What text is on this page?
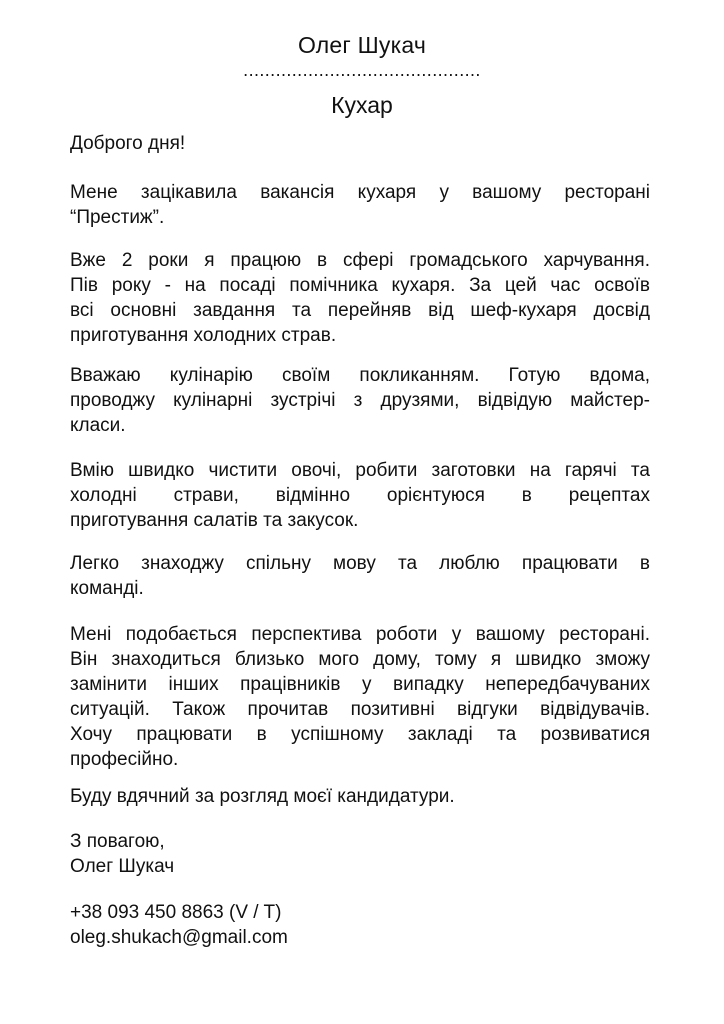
Олег Шукач
............................................
Кухар
Доброго дня!
Мене зацікавила вакансія кухаря у вашому ресторані
“Престиж”.
Вже 2 роки я працюю в сфері громадського харчування.
Пів року - на посаді помічника кухаря. За цей час освоїв
всі основні завдання та перейняв від шеф-кухаря досвід
приготування холодних страв.
Вважаю кулінарію своїм покликанням. Готую вдома,
проводжу кулінарні зустрічі з друзями, відвідую майстер-
класи.
Вмію швидко чистити овочі, робити заготовки на гарячі та
холодні страви, відмінно орієнтуюся в рецептах
приготування салатів та закусок.
Легко знаходжу спільну мову та люблю працювати в
команді.
Мені подобається перспектива роботи у вашому ресторані.
Він знаходиться близько мого дому, тому я швидко зможу
замінити інших працівників у випадку непередбачуваних
ситуацій. Також прочитав позитивні відгуки відвідувачів.
Хочу працювати в успішному закладі та розвиватися
професійно.
Буду вдячний за розгляд моєї кандидатури.
З повагою,
Олег Шукач
+38 093 450 8863 (V / T)
oleg.shukach@gmail.com
